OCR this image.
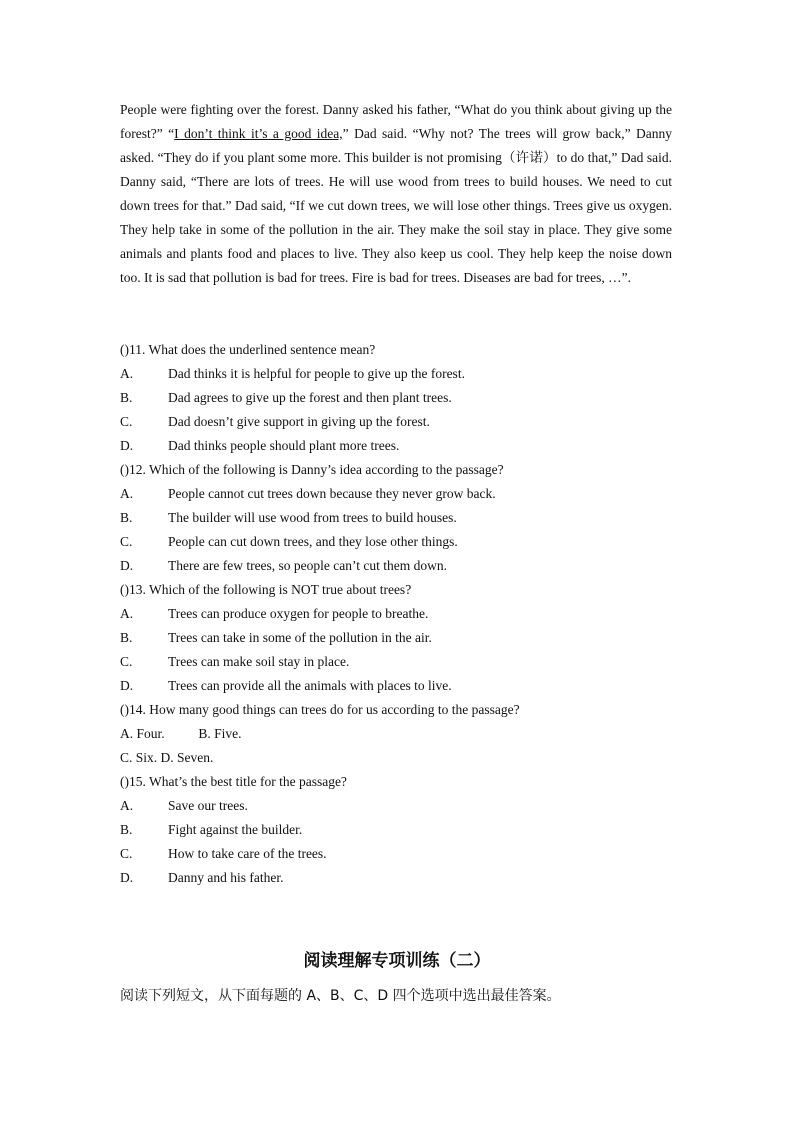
People were fighting over the forest. Danny asked his father, “What do you think about giving up the forest?” “I don’t think it’s a good idea,” Dad said. “Why not? The trees will grow back,” Danny asked. “They do if you plant some more. This builder is not promising（许诺）to do that,” Dad said. Danny said, “There are lots of trees. He will use wood from trees to build houses. We need to cut down trees for that.” Dad said, “If we cut down trees, we will lose other things. Trees give us oxygen. They help take in some of the pollution in the air. They make the soil stay in place. They give some animals and plants food and places to live. They also keep us cool. They help keep the noise down too. It is sad that pollution is bad for trees. Fire is bad for trees. Diseases are bad for trees, …”.
()11. What does the underlined sentence mean?
A.	Dad thinks it is helpful for people to give up the forest.
B.	Dad agrees to give up the forest and then plant trees.
C.	Dad doesn’t give support in giving up the forest.
D.	Dad thinks people should plant more trees.
()12. Which of the following is Danny’s idea according to the passage?
A.	People cannot cut trees down because they never grow back.
B.	The builder will use wood from trees to build houses.
C.	People can cut down trees, and they lose other things.
D.	There are few trees, so people can’t cut them down.
()13. Which of the following is NOT true about trees?
A.	Trees can produce oxygen for people to breathe.
B.	Trees can take in some of the pollution in the air.
C.	Trees can make soil stay in place.
D.	Trees can provide all the animals with places to live.
()14. How many good things can trees do for us according to the passage?
A. Four.          B. Five.
C. Six. D. Seven.
()15. What’s the best title for the passage?
A.	Save our trees.
B.	Fight against the builder.
C.	How to take care of the trees.
D.	Danny and his father.
阅读理解专项训练（二）
阅读下列短文，从下面每题的 A、B、C、D 四个选项中选出最佳答案。
